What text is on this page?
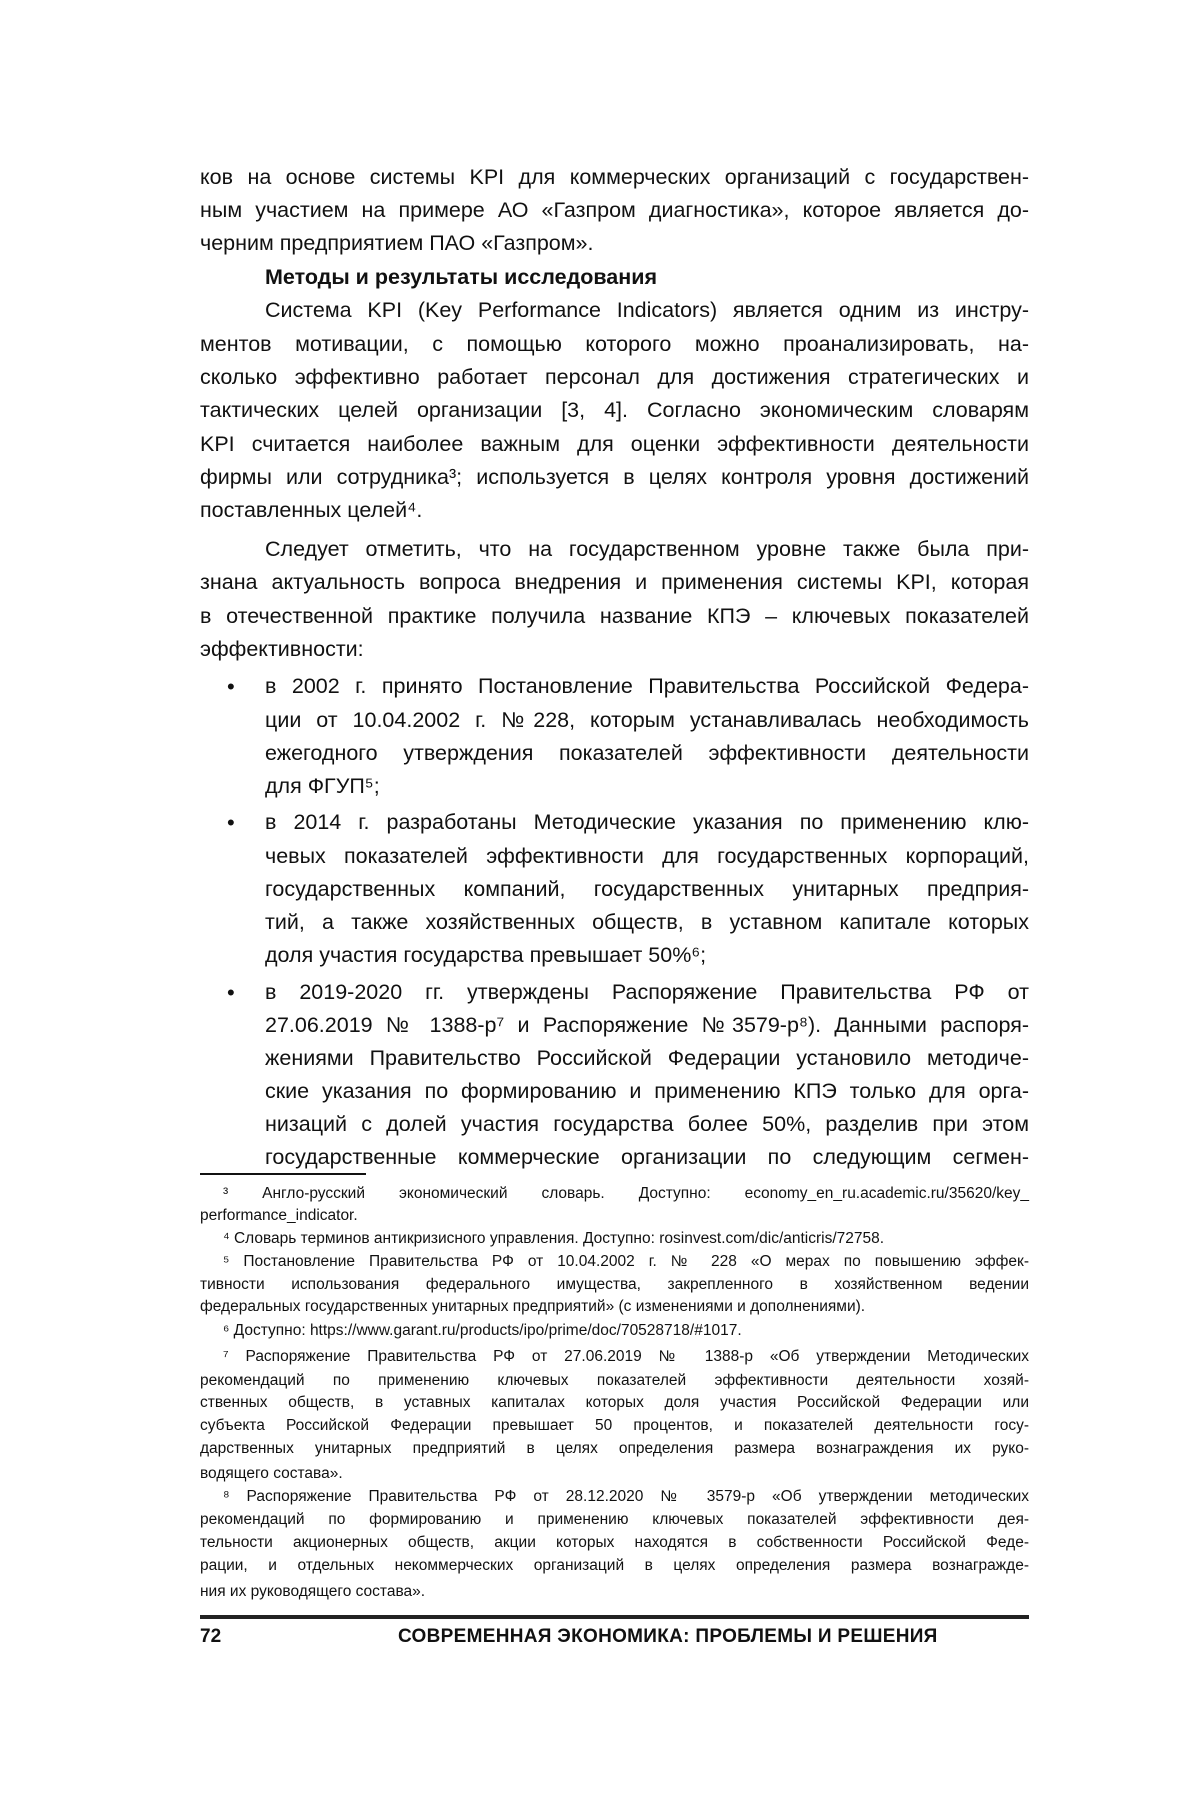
ков на основе системы KPI для коммерческих организаций с государствен-
ным участием на примере АО «Газпром диагностика», которое является до-
черним предприятием ПАО «Газпром».
Методы и результаты исследования
Система KPI (Key Performance Indicators) является одним из инстру-
ментов мотивации, с помощью которого можно проанализировать, на-
сколько эффективно работает персонал для достижения стратегических и
тактических целей организации [3, 4]. Согласно экономическим словарям
KPI считается наиболее важным для оценки эффективности деятельности
фирмы или сотрудника³; используется в целях контроля уровня достижений
поставленных целей⁴.
Следует отметить, что на государственном уровне также была при-
знана актуальность вопроса внедрения и применения системы KPI, которая
в отечественной практике получила название КПЭ – ключевых показателей
эффективности:
в 2002 г. принято Постановление Правительства Российской Федера-
•
ции от 10.04.2002 г. №228, которым устанавливалась необходимость
ежегодного утверждения показателей эффективности деятельности
для ФГУП⁵;
в 2014 г. разработаны Методические указания по применению клю-
•
чевых показателей эффективности для государственных корпораций,
государственных компаний, государственных унитарных предприя-
тий, а также хозяйственных обществ, в уставном капитале которых
доля участия государства превышает 50%⁶;
в 2019-2020 гг. утверждены Распоряжение Правительства РФ от
•
27.06.2019 № 1388-р⁷ и Распоряжение №3579-р⁸). Данными распоря-
жениями Правительство Российской Федерации установило методиче-
ские указания по формированию и применению КПЭ только для орга-
низаций с долей участия государства более 50%, разделив при этом
государственные коммерческие организации по следующим сегмен-
³ Англо-русский экономический словарь. Доступно: economy_en_ru.academic.ru/35620/key_
performance_indicator.
⁴ Словарь терминов антикризисного управления. Доступно: rosinvest.com/dic/anticris/72758.
⁵ Постановление Правительства РФ от 10.04.2002 г. № 228 «О мерах по повышению эффек-
тивности использования федерального имущества, закрепленного в хозяйственном ведении
федеральных государственных унитарных предприятий» (с изменениями и дополнениями).
⁶ Доступно: https://www.garant.ru/products/ipo/prime/doc/70528718/#1017.
⁷ Распоряжение Правительства РФ от 27.06.2019 № 1388-р «Об утверждении Методических
рекомендаций по применению ключевых показателей эффективности деятельности хозяй-
ственных обществ, в уставных капиталах которых доля участия Российской Федерации или
субъекта Российской Федерации превышает 50 процентов, и показателей деятельности госу-
дарственных унитарных предприятий в целях определения размера вознаграждения их руко-
водящего состава».
⁸ Распоряжение Правительства РФ от 28.12.2020 № 3579-р «Об утверждении методических
рекомендаций по формированию и применению ключевых показателей эффективности дея-
тельности акционерных обществ, акции которых находятся в собственности Российской Феде-
рации, и отдельных некоммерческих организаций в целях определения размера вознагражде-
ния их руководящего состава».
72	СОВРЕМЕННАЯ ЭКОНОМИКА: ПРОБЛЕМЫ И РЕШЕНИЯ
